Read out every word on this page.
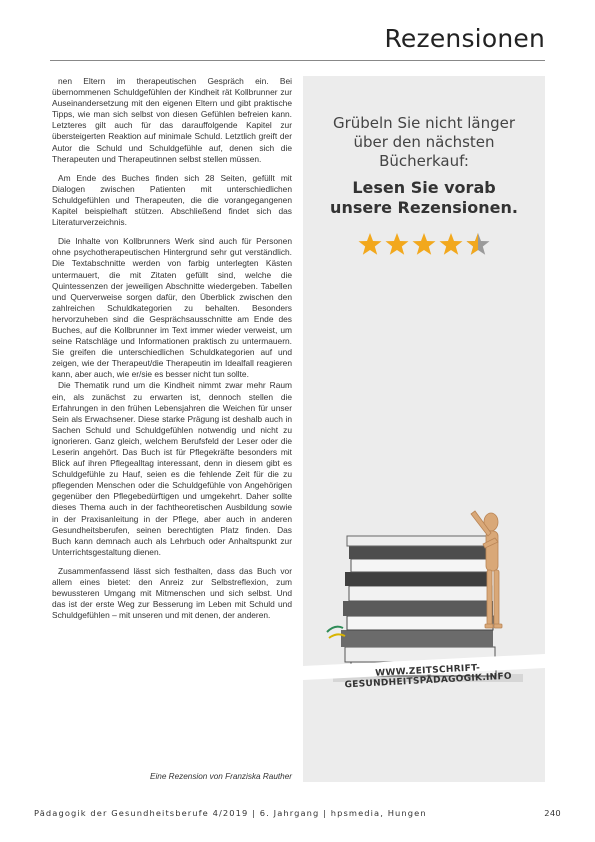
Rezensionen

nen Eltern im therapeutischen Gespräch ein. Bei übernommenen Schuldgefühlen der Kindheit rät Kollbrunner zur Auseinandersetzung mit den eigenen Eltern und gibt praktische Tipps, wie man sich selbst von diesen Gefühlen befreien kann. Letzteres gilt auch für das darauffolgende Kapitel zur übersteigerten Reaktion auf minimale Schuld. Letztlich greift der Autor die Schuld und Schuldgefühle auf, denen sich die Therapeuten und Therapeutinnen selbst stellen müssen.

Am Ende des Buches finden sich 28 Seiten, gefüllt mit Dialogen zwischen Patienten mit unterschiedlichen Schuldgefühlen und Therapeuten, die die vorangegangenen Kapitel beispielhaft stützen. Abschließend findet sich das Literaturverzeichnis.

Die Inhalte von Kollbrunners Werk sind auch für Personen ohne psychotherapeutischen Hintergrund sehr gut verständlich. Die Textabschnitte werden von farbig unterlegten Kästen untermauert, die mit Zitaten gefüllt sind, welche die Quintessenzen der jeweiligen Abschnitte wiedergeben. Tabellen und Querverweise sorgen dafür, den Überblick zwischen den zahlreichen Schuldkategorien zu behalten. Besonders hervorzuheben sind die Gesprächsausschnitte am Ende des Buches, auf die Kollbrunner im Text immer wieder verweist, um seine Ratschläge und Informationen praktisch zu untermauern. Sie greifen die unterschiedlichen Schuldkategorien auf und zeigen, wie der Therapeut/die Therapeutin im Idealfall reagieren kann, aber auch, wie er/sie es besser nicht tun sollte.

Die Thematik rund um die Kindheit nimmt zwar mehr Raum ein, als zunächst zu erwarten ist, dennoch stellen die Erfahrungen in den frühen Lebensjahren die Weichen für unser Sein als Erwachsener. Diese starke Prägung ist deshalb auch in Sachen Schuld und Schuldgefühlen notwendig und nicht zu ignorieren. Ganz gleich, welchem Berufsfeld der Leser oder die Leserin angehört. Das Buch ist für Pflegekräfte besonders mit Blick auf ihren Pflegealltag interessant, denn in diesem gibt es Schuldgefühle zu Hauf, seien es die fehlende Zeit für die zu pflegenden Menschen oder die Schuldgefühle von Angehörigen gegenüber den Pflegebedürftigen und umgekehrt. Daher sollte dieses Thema auch in der fachtheoretischen Ausbildung sowie in der Praxisanleitung in der Pflege, aber auch in anderen Gesundheitsberufen, seinen berechtigten Platz finden. Das Buch kann demnach auch als Lehrbuch oder Anhaltspunkt zur Unterrichtsgestaltung dienen.

Zusammenfassend lässt sich festhalten, dass das Buch vor allem eines bietet: den Anreiz zur Selbstreflexion, zum bewussteren Umgang mit Mitmenschen und sich selbst. Und das ist der erste Weg zur Besserung im Leben mit Schuld und Schuldgefühlen – mit unseren und mit denen, der anderen.

Eine Rezension von Franziska Rauther
Grübeln Sie nicht länger
über den nächsten
Bücherkauf:
Lesen Sie vorab
unsere Rezensionen.
WWW.ZEITSCHRIFT-GESUNDHEITSPÄDAGOGIK.INFO
Pädagogik der Gesundheitsberufe 4/2019 | 6. Jahrgang | hpsmedia, Hungen	240
